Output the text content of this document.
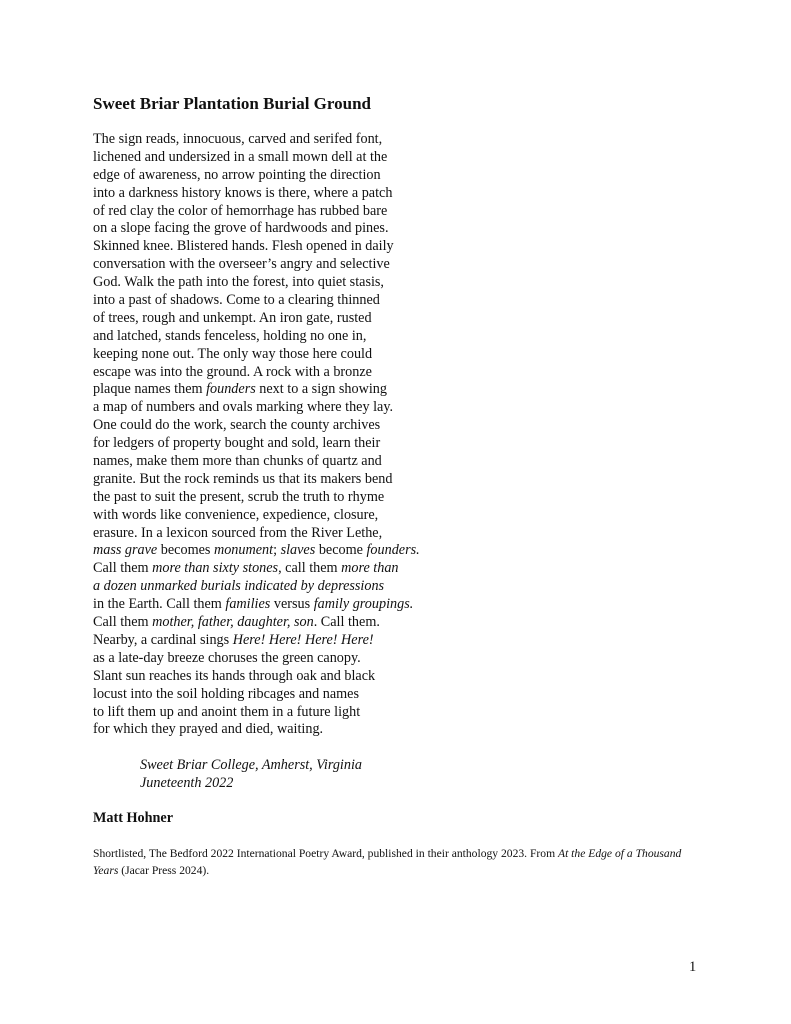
Sweet Briar Plantation Burial Ground
The sign reads, innocuous, carved and serifed font,
lichened and undersized in a small mown dell at the
edge of awareness, no arrow pointing the direction
into a darkness history knows is there, where a patch
of red clay the color of hemorrhage has rubbed bare
on a slope facing the grove of hardwoods and pines.
Skinned knee. Blistered hands. Flesh opened in daily
conversation with the overseer’s angry and selective
God. Walk the path into the forest, into quiet stasis,
into a past of shadows. Come to a clearing thinned
of trees, rough and unkempt. An iron gate, rusted
and latched, stands fenceless, holding no one in,
keeping none out. The only way those here could
escape was into the ground. A rock with a bronze
plaque names them founders next to a sign showing
a map of numbers and ovals marking where they lay.
One could do the work, search the county archives
for ledgers of property bought and sold, learn their
names, make them more than chunks of quartz and
granite. But the rock reminds us that its makers bend
the past to suit the present, scrub the truth to rhyme
with words like convenience, expedience, closure,
erasure. In a lexicon sourced from the River Lethe,
mass grave becomes monument; slaves become founders.
Call them more than sixty stones, call them more than
a dozen unmarked burials indicated by depressions
in the Earth. Call them families versus family groupings.
Call them mother, father, daughter, son. Call them.
Nearby, a cardinal sings Here! Here! Here! Here!
as a late-day breeze choruses the green canopy.
Slant sun reaches its hands through oak and black
locust into the soil holding ribcages and names
to lift them up and anoint them in a future light
for which they prayed and died, waiting.
Sweet Briar College, Amherst, Virginia
Juneteenth 2022
Matt Hohner
Shortlisted, The Bedford 2022 International Poetry Award, published in their anthology 2023. From At the Edge of a Thousand Years (Jacar Press 2024).
1
